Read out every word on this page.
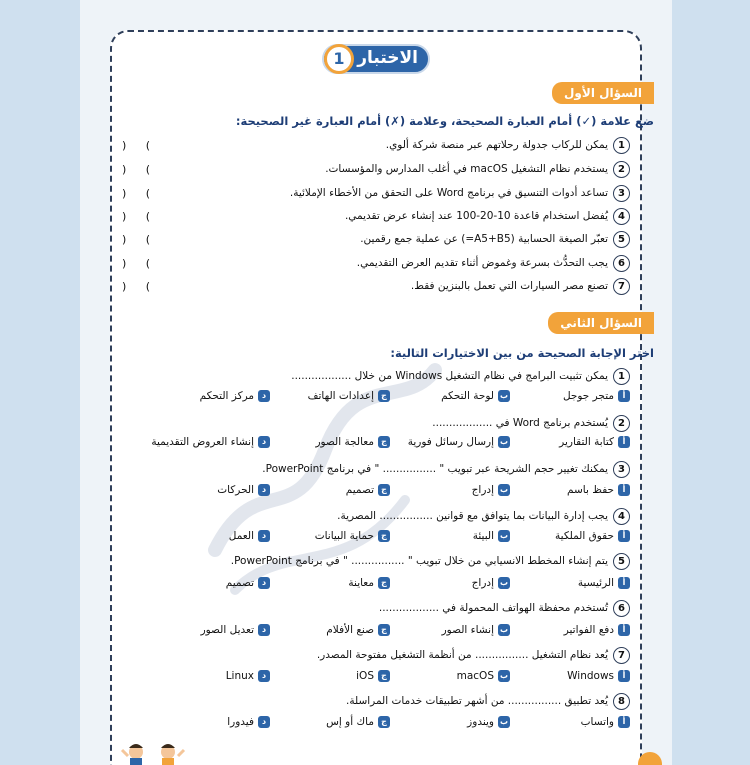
1 الاختبار
السؤال الأول
ضع علامة (✓) أمام العبارة الصحيحة، وعلامة (✗) أمام العبارة غير الصحيحة:
1
يمكن للركاب جدولة رحلاتهم عبر منصة شركة ألوي.
) (
2
يستخدم نظام التشغيل macOS في أغلب المدارس والمؤسسات.
) (
3
تساعد أدوات التنسيق في برنامج Word على التحقق من الأخطاء الإملائية.
) (
4
يُفضل استخدام قاعدة 10-20-100 عند إنشاء عرض تقديمي.
) (
5
تعبّر الصيغة الحسابية (A5+B5=) عن عملية جمع رقمين.
) (
6
يجب التحدُّث بسرعة وغموض أثناء تقديم العرض التقديمي.
) (
7
تصنع مصر السيارات التي تعمل بالبنزين فقط.
) (
السؤال الثاني
اختر الإجابة الصحيحة من بين الاختيارات التالية:
1
يمكن تثبيت البرامج في نظام التشغيل Windows من خلال ..................
أ
متجر جوجل
ب
لوحة التحكم
ج
إعدادات الهاتف
د
مركز التحكم
2
يُستخدم برنامج Word في ..................
أ
كتابة التقارير
ب
إرسال رسائل فورية
ج
معالجة الصور
د
إنشاء العروض التقديمية
3
يمكنك تغيير حجم الشريحة عبر تبويب " ................ " في برنامج PowerPoint.
أ
حفظ باسم
ب
إدراج
ج
تصميم
د
الحركات
4
يجب إدارة البيانات بما يتوافق مع قوانين ................ المصرية.
أ
حقوق الملكية
ب
البيئة
ج
حماية البيانات
د
العمل
5
يتم إنشاء المخطط الانسيابي من خلال تبويب " ................ " في برنامج PowerPoint.
أ
الرئيسية
ب
إدراج
ج
معاينة
د
تصميم
6
تُستخدم محفظة الهواتف المحمولة في ..................
أ
دفع الفواتير
ب
إنشاء الصور
ج
صنع الأفلام
د
تعديل الصور
7
يُعد نظام التشغيل ................ من أنظمة التشغيل مفتوحة المصدر.
أ
Windows
ب
macOS
ج
iOS
د
Linux
8
يُعد تطبيق ................ من أشهر تطبيقات خدمات المراسلة.
أ
واتساب
ب
ويندوز
ج
ماك أو إس
د
فيدورا
